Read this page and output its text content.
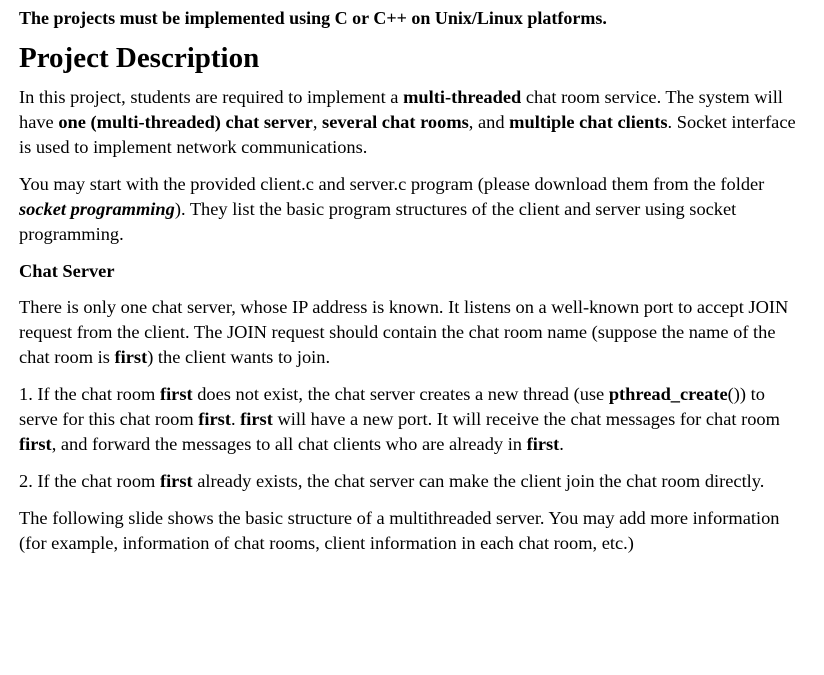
The projects must be implemented using C or C++ on Unix/Linux platforms.

Project Description

In this project, students are required to implement a multi-threaded chat room service. The system will have one (multi-threaded) chat server, several chat rooms, and multiple chat clients. Socket interface is used to implement network communications.

You may start with the provided client.c and server.c program (please download them from the folder socket programming). They list the basic program structures of the client and server using socket programming.

Chat Server

There is only one chat server, whose IP address is known. It listens on a well-known port to accept JOIN request from the client. The JOIN request should contain the chat room name (suppose the name of the chat room is first) the client wants to join.

1. If the chat room first does not exist, the chat server creates a new thread (use pthread_create()) to serve for this chat room first. first will have a new port. It will receive the chat messages for chat room first, and forward the messages to all chat clients who are already in first.

2. If the chat room first already exists, the chat server can make the client join the chat room directly.

The following slide shows the basic structure of a multithreaded server. You may add more information (for example, information of chat rooms, client information in each chat room, etc.)
